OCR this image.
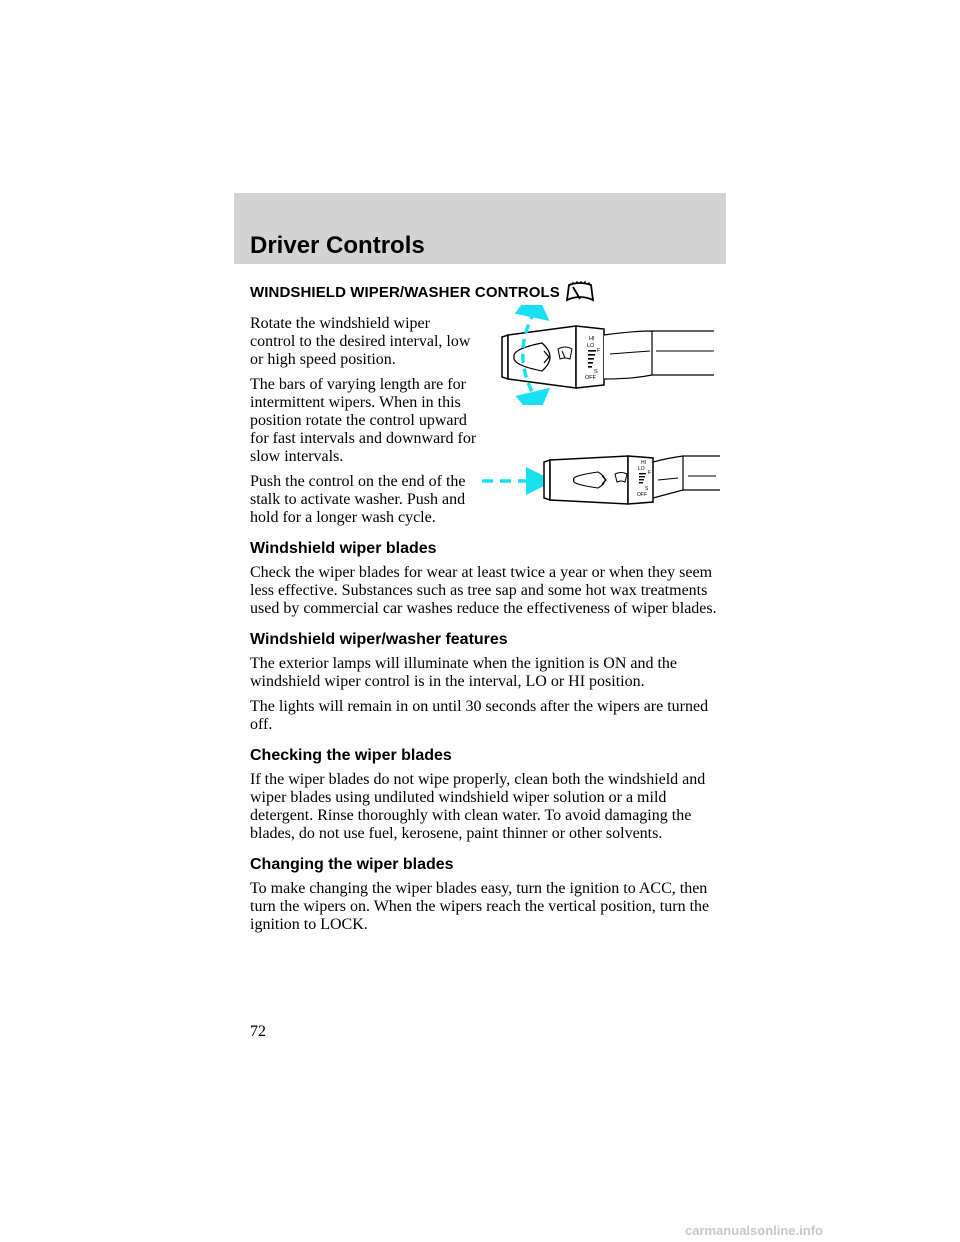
Driver Controls
WINDSHIELD WIPER/WASHER CONTROLS

Rotate the windshield wiper control to the desired interval, low or high speed position.

The bars of varying length are for intermittent wipers. When in this position rotate the control upward for fast intervals and downward for slow intervals.

Push the control on the end of the stalk to activate washer. Push and hold for a longer wash cycle.

Windshield wiper blades

Check the wiper blades for wear at least twice a year or when they seem less effective. Substances such as tree sap and some hot wax treatments used by commercial car washes reduce the effectiveness of wiper blades.

Windshield wiper/washer features

The exterior lamps will illuminate when the ignition is ON and the windshield wiper control is in the interval, LO or HI position.

The lights will remain in on until 30 seconds after the wipers are turned off.

Checking the wiper blades

If the wiper blades do not wipe properly, clean both the windshield and wiper blades using undiluted windshield wiper solution or a mild detergent. Rinse thoroughly with clean water. To avoid damaging the blades, do not use fuel, kerosene, paint thinner or other solvents.

Changing the wiper blades

To make changing the wiper blades easy, turn the ignition to ACC, then turn the wipers on. When the wipers reach the vertical position, turn the ignition to LOCK.

HI
LO
F
S
OFF
HI
LO
F
S
OFF

72

carmanualsonline.info
